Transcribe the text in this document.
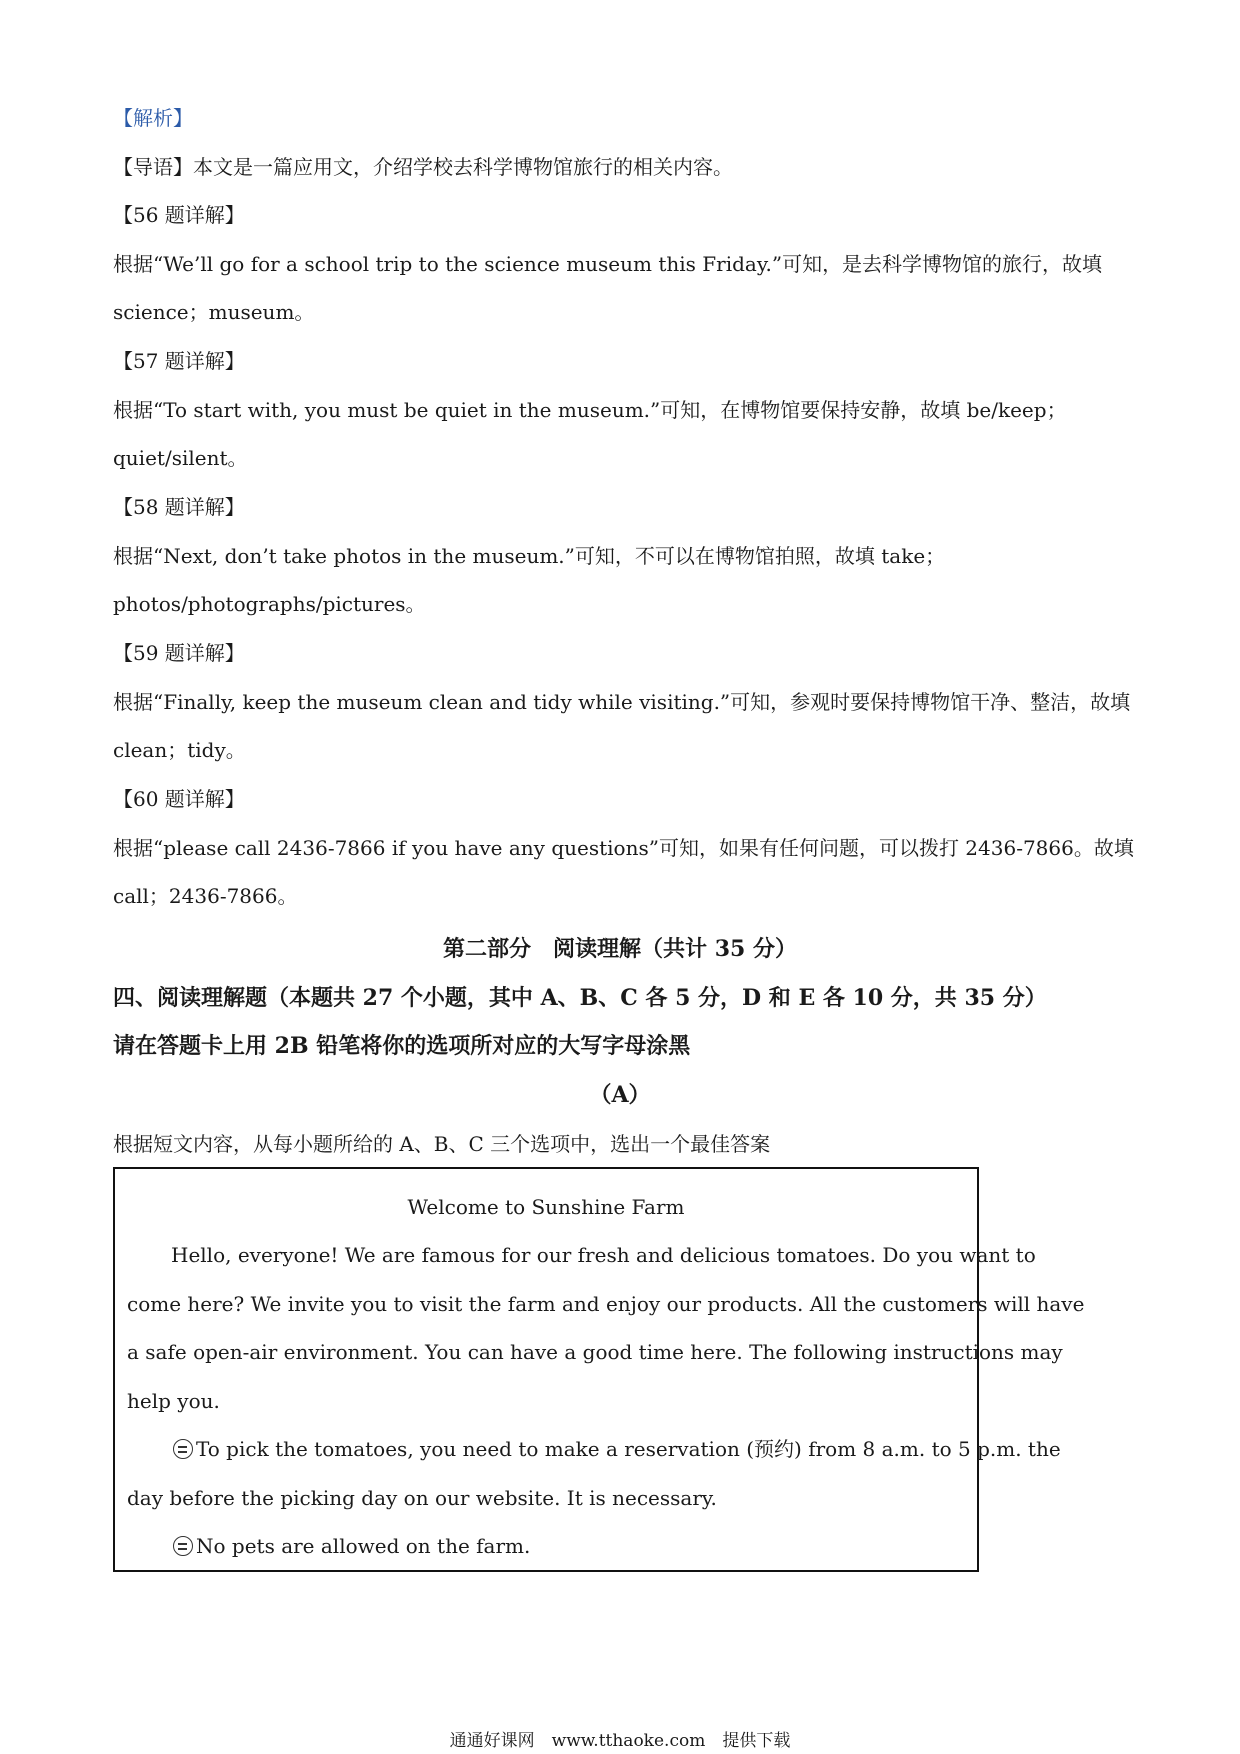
【解析】
【导语】本文是一篇应用文，介绍学校去科学博物馆旅行的相关内容。
【56 题详解】
根据“We’ll go for a school trip to the science museum this Friday.”可知，是去科学博物馆的旅行，故填
science；museum。
【57 题详解】
根据“To start with, you must be quiet in the museum.”可知，在博物馆要保持安静，故填 be/keep；
quiet/silent。
【58 题详解】
根据“Next, don’t take photos in the museum.”可知，不可以在博物馆拍照，故填 take；
photos/photographs/pictures。
【59 题详解】
根据“Finally, keep the museum clean and tidy while visiting.”可知，参观时要保持博物馆干净、整洁，故填
clean；tidy。
【60 题详解】
根据“please call 2436-7866 if you have any questions”可知，如果有任何问题，可以拨打 2436-7866。故填
call；2436-7866。
第二部分　阅读理解（共计 35 分）
四、阅读理解题（本题共 27 个小题，其中 A、B、C 各 5 分，D 和 E 各 10 分，共 35 分）
请在答题卡上用 2B 铅笔将你的选项所对应的大写字母涂黑
（A）
根据短文内容，从每小题所给的 A、B、C 三个选项中，选出一个最佳答案
Welcome to Sunshine Farm
Hello, everyone! We are famous for our fresh and delicious tomatoes. Do you want to
come here? We invite you to visit the farm and enjoy our products. All the customers will have
a safe open-air environment. You can have a good time here. The following instructions may
help you.
To pick the tomatoes, you need to make a reservation (预约) from 8 a.m. to 5 p.m. the
day before the picking day on our website. It is necessary.
No pets are allowed on the farm.
通通好课网　www.tthaoke.com　提供下载
